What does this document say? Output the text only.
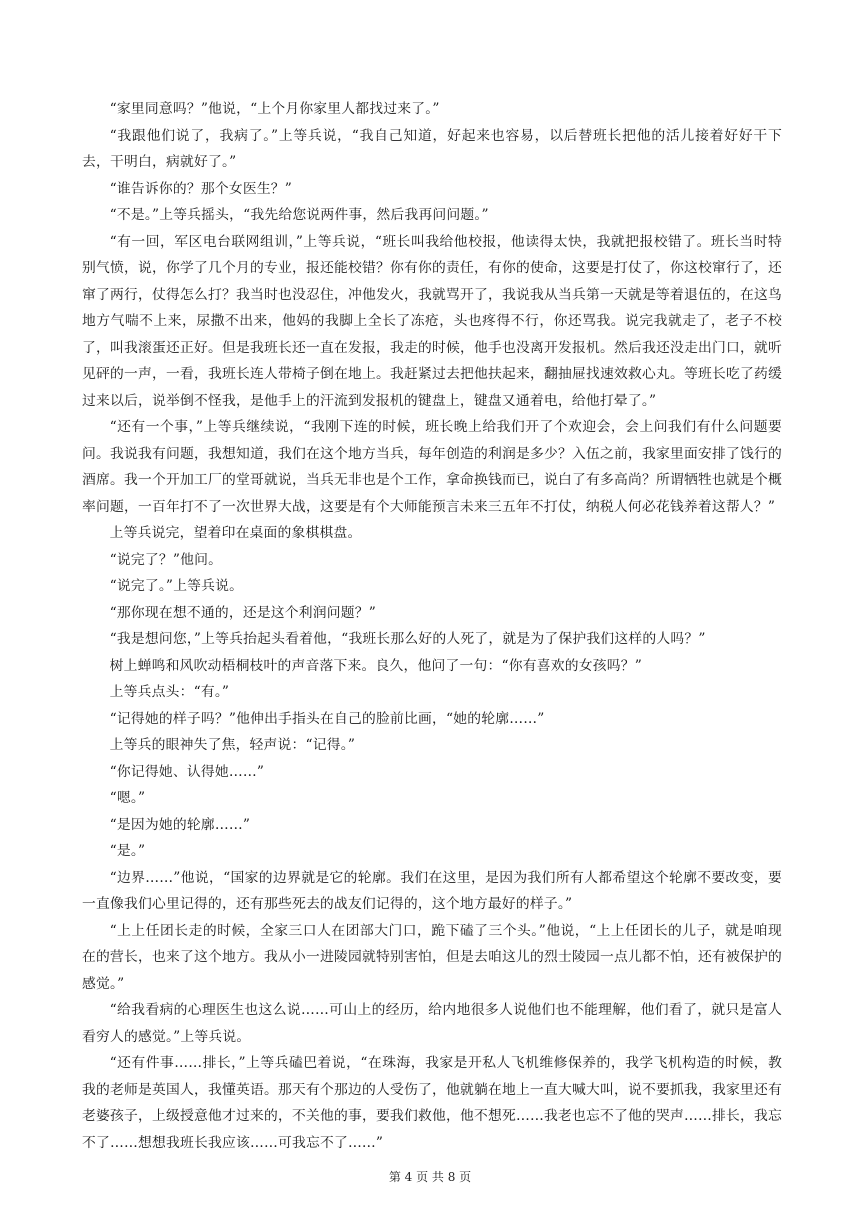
“家里同意吗？”他说，“上个月你家里人都找过来了。”

“我跟他们说了，我病了。”上等兵说，“我自己知道，好起来也容易，以后替班长把他的活儿接着好好干下去，干明白，病就好了。”

“谁告诉你的？那个女医生？”

“不是。”上等兵摇头，“我先给您说两件事，然后我再问问题。”

“有一回，军区电台联网组训，”上等兵说，“班长叫我给他校报，他读得太快，我就把报校错了。班长当时特别气愤，说，你学了几个月的专业，报还能校错？你有你的责任，有你的使命，这要是打仗了，你这校窜行了，还窜了两行，仗得怎么打？我当时也没忍住，冲他发火，我就骂开了，我说我从当兵第一天就是等着退伍的，在这鸟地方气喘不上来，尿撒不出来，他妈的我脚上全长了冻疮，头也疼得不行，你还骂我。说完我就走了，老子不校了，叫我滚蛋还正好。但是我班长还一直在发报，我走的时候，他手也没离开发报机。然后我还没走出门口，就听见砰的一声，一看，我班长连人带椅子倒在地上。我赶紧过去把他扶起来，翻抽屉找速效救心丸。等班长吃了药缓过来以后，说举倒不怪我，是他手上的汗流到发报机的键盘上，键盘又通着电，给他打晕了。”

“还有一个事，”上等兵继续说，“我刚下连的时候，班长晚上给我们开了个欢迎会，会上问我们有什么问题要问。我说我有问题，我想知道，我们在这个地方当兵，每年创造的利润是多少？入伍之前，我家里面安排了饯行的酒席。我一个开加工厂的堂哥就说，当兵无非也是个工作，拿命换钱而已，说白了有多高尚？所谓牺牲也就是个概率问题，一百年打不了一次世界大战，这要是有个大师能预言未来三五年不打仗，纳税人何必花钱养着这帮人？”

上等兵说完，望着印在桌面的象棋棋盘。

“说完了？”他问。

“说完了。”上等兵说。

“那你现在想不通的，还是这个利润问题？”

“我是想问您，”上等兵抬起头看着他，“我班长那么好的人死了，就是为了保护我们这样的人吗？”

树上蝉鸣和风吹动梧桐枝叶的声音落下来。良久，他问了一句：“你有喜欢的女孩吗？”

上等兵点头：“有。”

“记得她的样子吗？”他伸出手指头在自己的脸前比画，“她的轮廓……”

上等兵的眼神失了焦，轻声说：“记得。”

“你记得她、认得她……”

“嗯。”

“是因为她的轮廓……”

“是。”

“边界……”他说，“国家的边界就是它的轮廓。我们在这里，是因为我们所有人都希望这个轮廓不要改变，要一直像我们心里记得的，还有那些死去的战友们记得的，这个地方最好的样子。”

“上上任团长走的时候，全家三口人在团部大门口，跪下磕了三个头。”他说，“上上任团长的儿子，就是咱现在的营长，也来了这个地方。我从小一进陵园就特别害怕，但是去咱这儿的烈士陵园一点儿都不怕，还有被保护的感觉。”

“给我看病的心理医生也这么说……可山上的经历，给内地很多人说他们也不能理解，他们看了，就只是富人看穷人的感觉。”上等兵说。

“还有件事……排长，”上等兵磕巴着说，“在珠海，我家是开私人飞机维修保养的，我学飞机构造的时候，教我的老师是英国人，我懂英语。那天有个那边的人受伤了，他就躺在地上一直大喊大叫，说不要抓我，我家里还有老婆孩子，上级授意他才过来的，不关他的事，要我们救他，他不想死……我老也忘不了他的哭声……排长，我忘不了……想想我班长我应该……可我忘不了……”

第 4 页 共 8 页
